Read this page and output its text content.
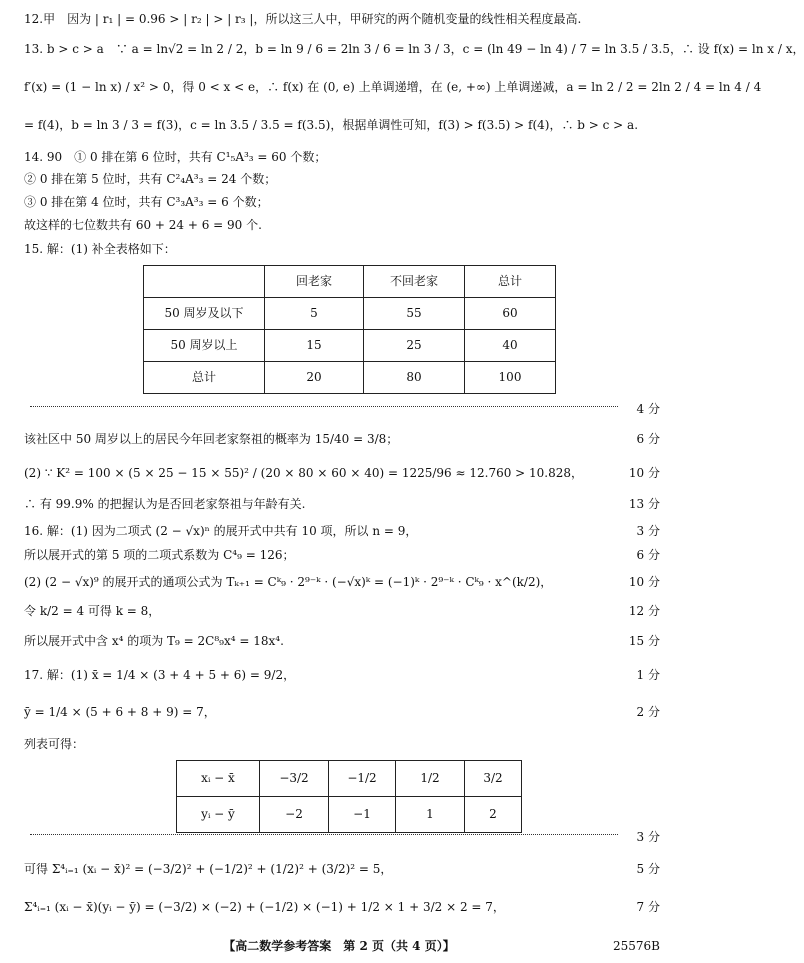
12.甲　因为 | r₁ | = 0.96 > | r₂ | > | r₃ |，所以这三人中，甲研究的两个随机变量的线性相关程度最高.
13. b > c > a　∵ a = ln√2 = ln 2 / 2，b = ln 9 / 6 = 2ln 3 / 6 = ln 3 / 3，c = (ln 49 − ln 4) / 7 = ln 3.5 / 3.5，∴ 设 f(x) = ln x / x，
f′(x) = (1 − ln x) / x² > 0，得 0 < x < e，∴ f(x) 在 (0, e) 上单调递增，在 (e, +∞) 上单调递减，a = ln 2 / 2 = 2ln 2 / 4 = ln 4 / 4
= f(4)，b = ln 3 / 3 = f(3)，c = ln 3.5 / 3.5 = f(3.5)，根据单调性可知，f(3) > f(3.5) > f(4)，∴ b > c > a.
14. 90　① 0 排在第 6 位时，共有 C¹₅A³₃ = 60 个数；
② 0 排在第 5 位时，共有 C²₄A³₃ = 24 个数；
③ 0 排在第 4 位时，共有 C³₃A³₃ = 6 个数；
故这样的七位数共有 60 + 24 + 6 = 90 个.
15. 解：(1) 补全表格如下：
	回老家	不回老家	总计
50 周岁及以下	5	55	60
50 周岁以上	15	25	40
总计	20	80	100
4 分
该社区中 50 周岁以上的居民今年回老家祭祖的概率为 15/40 = 3/8；	6 分
(2) ∵ K² = 100 × (5 × 25 − 15 × 55)² / (20 × 80 × 60 × 40) = 1225/96 ≈ 12.760 > 10.828，	10 分
∴ 有 99.9% 的把握认为是否回老家祭祖与年龄有关.	13 分
16. 解：(1) 因为二项式 (2 − √x)ⁿ 的展开式中共有 10 项，所以 n = 9，	3 分
所以展开式的第 5 项的二项式系数为 C⁴₉ = 126；	6 分
(2) (2 − √x)⁹ 的展开式的通项公式为 Tₖ₊₁ = Cᵏ₉ · 2⁹⁻ᵏ · (−√x)ᵏ = (−1)ᵏ · 2⁹⁻ᵏ · Cᵏ₉ · x^(k/2)，	10 分
令 k/2 = 4 可得 k = 8，	12 分
所以展开式中含 x⁴ 的项为 T₉ = 2C⁸₉x⁴ = 18x⁴.	15 分
17. 解：(1) x̄ = 1/4 × (3 + 4 + 5 + 6) = 9/2，	1 分
ȳ = 1/4 × (5 + 6 + 8 + 9) = 7，	2 分
列表可得：
xᵢ − x̄	−3/2	−1/2	1/2	3/2
yᵢ − ȳ	−2	−1	1	2
3 分
可得 Σ⁴ᵢ₌₁ (xᵢ − x̄)² = (−3/2)² + (−1/2)² + (1/2)² + (3/2)² = 5，	5 分
Σ⁴ᵢ₌₁ (xᵢ − x̄)(yᵢ − ȳ) = (−3/2) × (−2) + (−1/2) × (−1) + 1/2 × 1 + 3/2 × 2 = 7，	7 分
【高二数学参考答案　第 2 页（共 4 页）】	25576B
